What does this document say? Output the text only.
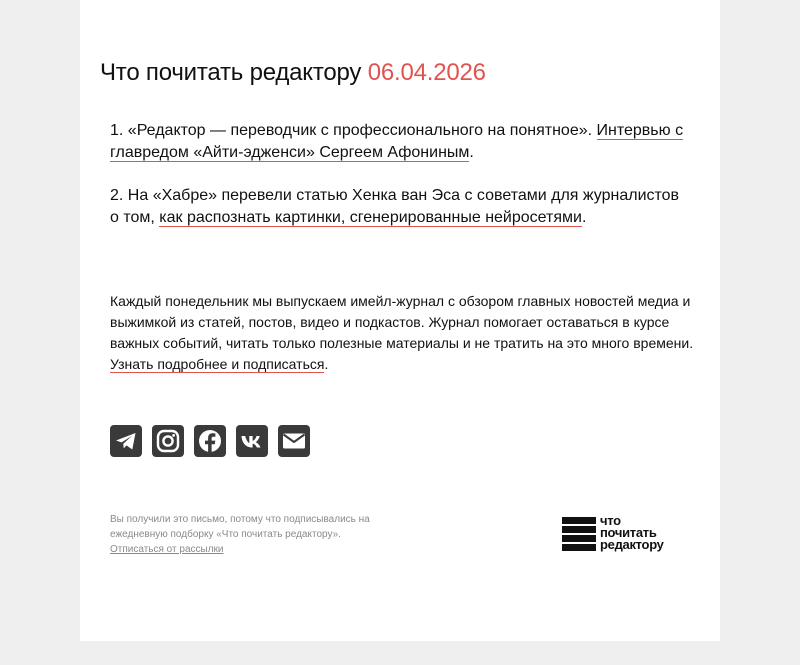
Что почитать редактору 06.04.2026

1. «Редактор — переводчик с профессионального на понятное». Интервью с главредом «Айти-эдженси» Сергеем Афониным.

2. На «Хабре» перевели статью Хенка ван Эса с советами для журналистов о том, как распознать картинки, сгенерированные нейросетями.

Каждый понедельник мы выпускаем имейл-журнал с обзором главных новостей медиа и выжимкой из статей, постов, видео и подкастов. Журнал помогает оставаться в курсе важных событий, читать только полезные материалы и не тратить на это много времени. Узнать подробнее и подписаться.

Вы получили это письмо, потому что подписывались на ежедневную подборку «Что почитать редактору».
Отписаться от рассылки
что
почитать
редактору
